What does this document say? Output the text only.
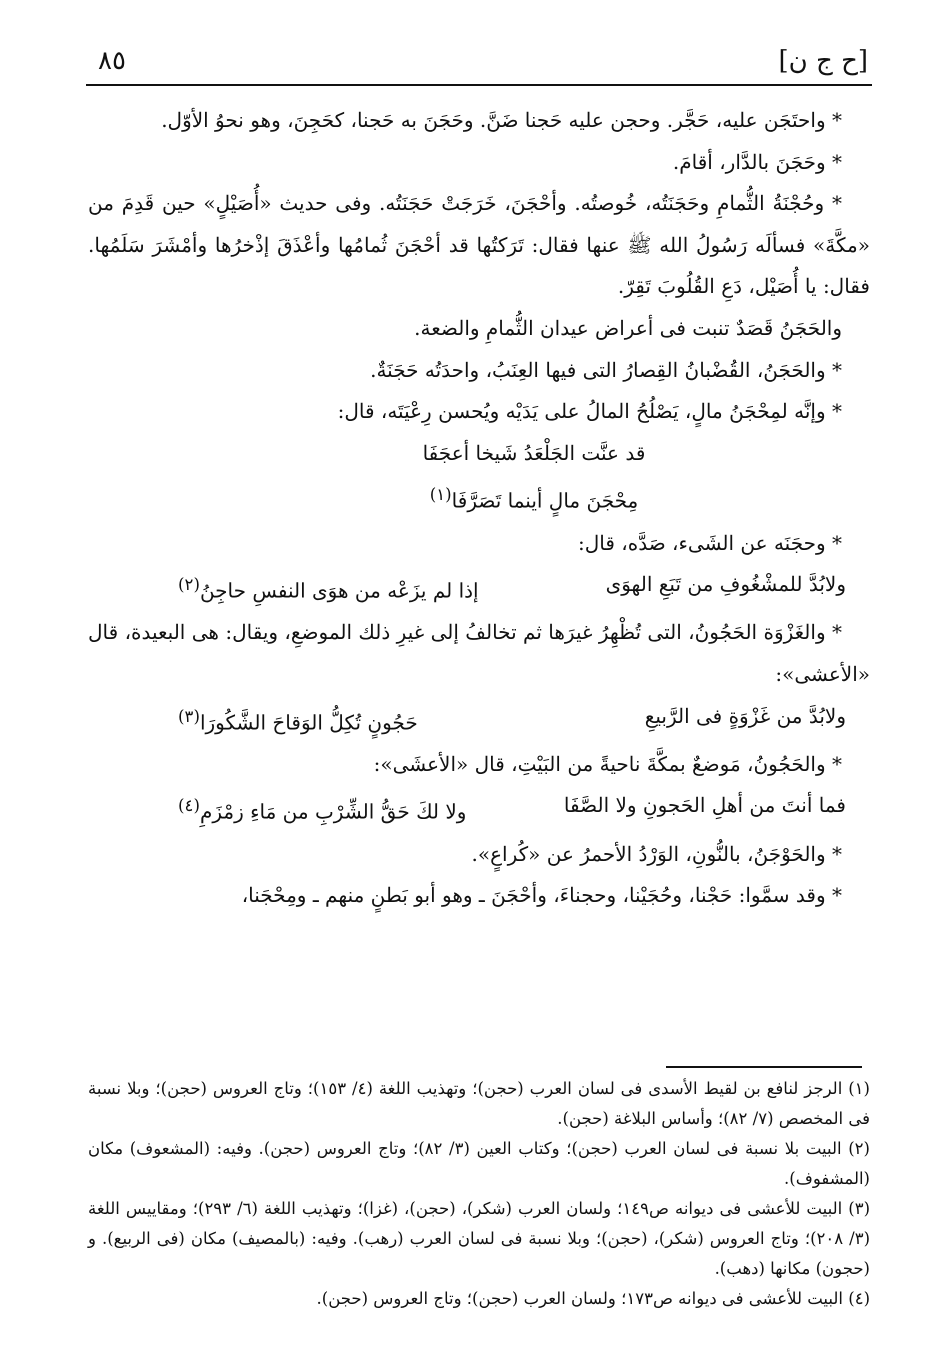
٨٥	[ح ج ن]

* واحتَجَن عليه، حَجَّر. وحجن عليه حَجنا ضَنَّ. وحَجَنَ به حَجنا، كحَجِنَ، وهو نحوُ الأوّل.

* وحَجَنَ بالدَّار، أقامَ.

* وحُجْنَةُ الثُّمامِ وحَجَنَتُه، خُوصتُه. وأحْجَنَ، خَرَجَتْ حَجَنَتُه. وفى حديث «أُصَيْلٍ» حين قَدِمَ من «مكَّةَ» فسألَه رَسُولُ الله ﷺ عنها فقال: تَرَكتُها قد أحْجَنَ ثُمامُها وأعْذَقَ إذْخرُها وأمْشَرَ سَلَمُها. فقال: يا أُصَيْل، دَعِ القُلُوبَ تَقِرّ.

والحَجَنُ قَصَدٌ تنبت فى أعراض عيدان الثُّمامِ والضعة.

* والحَجَنُ، القُضْبانُ القِصارُ التى فيها العِنَبُ، واحدَتُه حَجَنَةٌ.

* وإنَّه لمِحْجَنُ مالٍ، يَصْلُحُ المالُ على يَدَيْه ويُحسن رِعْيَتَه، قال:

قد عنَّت الجَلْعَدُ شَيخا أعجَفَا
مِحْجَنَ مالٍ أينما تَصَرَّفَا$^{(١)}$

* وحجَنَه عن الشَىء، صَدَّه، قال:

ولابُدَّ للمشْغُوفِ من تَبَعِ الهوَى
إذا لم يزَعْه من هوَى النفسِ حاجِنُ$^{(٢)}$

* والغَزْوَة الحَجُونُ، التى تُظْهِرُ غيرَها ثم تخالفُ إلى غيرِ ذلك الموضعِ، ويقال: هى البعيدة، قال «الأعشى»:

ولابُدَّ من غَزْوَةٍ فى الرَّبيعِ
حَجُونٍ تُكِلُّ الوَقاحَ الشَّكُورَا$^{(٣)}$

* والحَجُونُ، مَوضعٌ بمكَّةَ ناحيةً من البَيْتِ، قال «الأعشَى»:

فما أنتَ من أهلِ الحَجونِ ولا الصَّفَا
ولا لكَ حَقُّ الشِّرْبِ من مَاءِ زمْزَمِ$^{(٤)}$

* والحَوْجَنُ، بالنُّونِ، الوَرْدُ الأحمرُ عن «كُراعٍ».

* وقد سمَّوا: حَجْنا، وحُجَيْنا، وحجناءَ، وأحْجَنَ ـ وهو أبو بَطنٍ منهم ـ ومِحْجَنا،

(١) الرجز لنافع بن لقيط الأسدى فى لسان العرب (حجن)؛ وتهذيب اللغة (٤/ ١٥٣)؛ وتاج العروس (حجن)؛ وبلا نسبة فى المخصص (٧/ ٨٢)؛ وأساس البلاغة (حجن).

(٢) البيت بلا نسبة فى لسان العرب (حجن)؛ وكتاب العين (٣/ ٨٢)؛ وتاج العروس (حجن). وفيه: (المشعوف) مكان (المشفوف).

(٣) البيت للأعشى فى ديوانه ص١٤٩؛ ولسان العرب (شكر)، (حجن)، (غزا)؛ وتهذيب اللغة (٦/ ٢٩٣)؛ ومقاييس اللغة (٣/ ٢٠٨)؛ وتاج العروس (شكر)، (حجن)؛ وبلا نسبة فى لسان العرب (رهب). وفيه: (بالمصيف) مكان (فى الربيع). و (حجون) مكانها (دهب).

(٤) البيت للأعشى فى ديوانه ص١٧٣؛ ولسان العرب (حجن)؛ وتاج العروس (حجن).
